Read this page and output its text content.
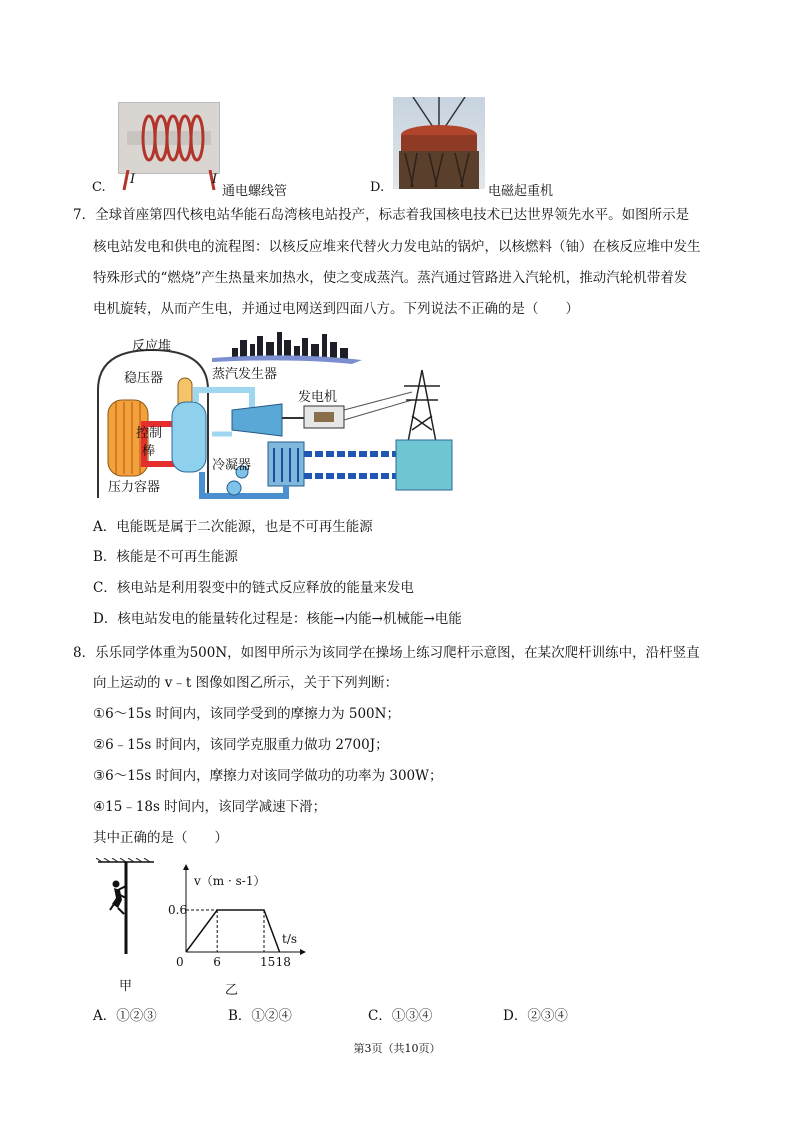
C.
I	I
通电螺线管	D.	电磁起重机
7．全球首座第四代核电站华能石岛湾核电站投产，标志着我国核电技术已达世界领先水平。如图所示是
核电站发电和供电的流程图：以核反应堆来代替火力发电站的锅炉，以核燃料（铀）在核反应堆中发生
特殊形式的“燃烧”产生热量来加热水，使之变成蒸汽。蒸汽通过管路进入汽轮机，推动汽轮机带着发
电机旋转，从而产生电，并通过电网送到四面八方。下列说法不正确的是（　　）
反应堆
稳压器	蒸汽发生器
发电机
控制
棒
冷凝器
压力容器
A．电能既是属于二次能源，也是不可再生能源
B．核能是不可再生能源
C．核电站是利用裂变中的链式反应释放的能量来发电
D．核电站发电的能量转化过程是：核能→内能→机械能→电能
8．乐乐同学体重为500N，如图甲所示为该同学在操场上练习爬杆示意图，在某次爬杆训练中，沿杆竖直
向上运动的 v﹣t 图像如图乙所示，关于下列判断：
①6～15s 时间内，该同学受到的摩擦力为 500N；
②6﹣15s 时间内，该同学克服重力做功 2700J；
③6～15s 时间内，摩擦力对该同学做功的功率为 300W；
④15﹣18s 时间内，该同学减速下滑；
其中正确的是（　　）
甲
0 6	15 18
0.6
v（m · s-1）
t/s
乙
A．①②③	B．①②④	C．①③④	D．②③④
第3页（共10页）
